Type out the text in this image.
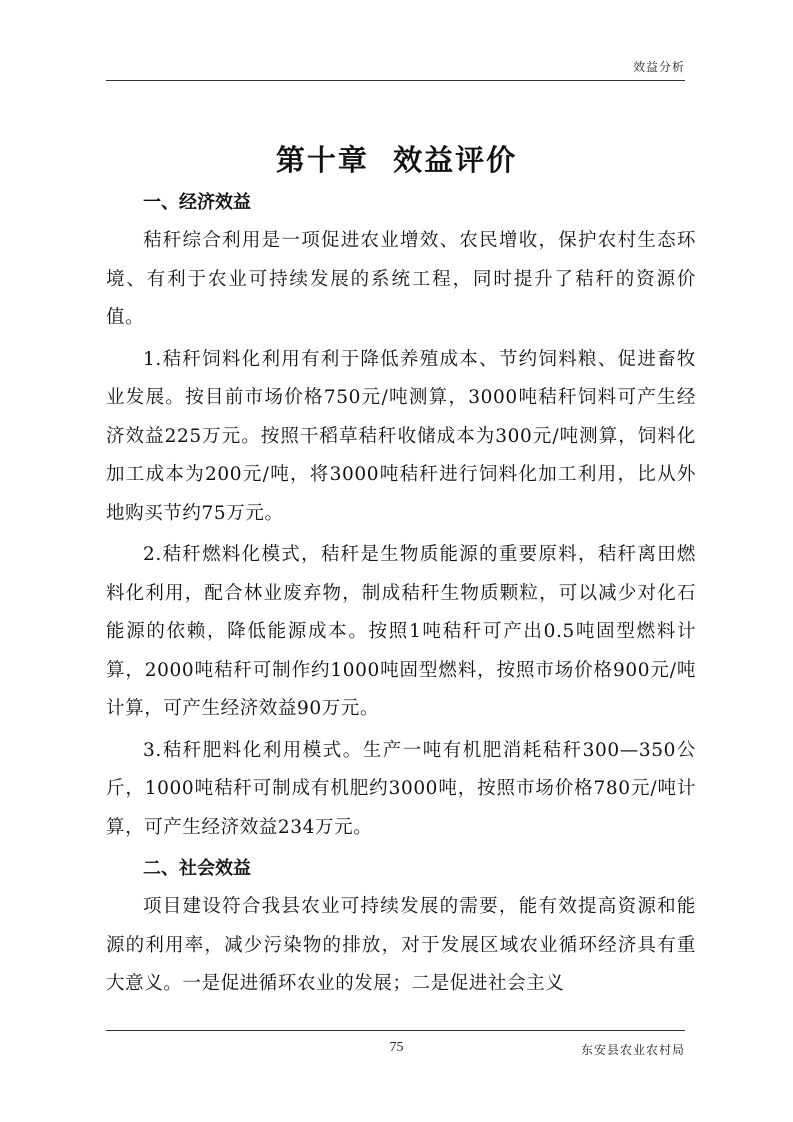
效益分析
第十章  效益评价
一、经济效益

秸秆综合利用是一项促进农业增效、农民增收，保护农村生态环境、有利于农业可持续发展的系统工程，同时提升了秸秆的资源价值。

1.秸秆饲料化利用有利于降低养殖成本、节约饲料粮、促进畜牧业发展。按目前市场价格750元/吨测算，3000吨秸秆饲料可产生经济效益225万元。按照干稻草秸秆收储成本为300元/吨测算，饲料化加工成本为200元/吨，将3000吨秸秆进行饲料化加工利用，比从外地购买节约75万元。

2.秸秆燃料化模式，秸秆是生物质能源的重要原料，秸秆离田燃料化利用，配合林业废弃物，制成秸秆生物质颗粒，可以减少对化石能源的依赖，降低能源成本。按照1吨秸秆可产出0.5吨固型燃料计算，2000吨秸秆可制作约1000吨固型燃料，按照市场价格900元/吨计算，可产生经济效益90万元。

3.秸秆肥料化利用模式。生产一吨有机肥消耗秸秆300—350公斤，1000吨秸秆可制成有机肥约3000吨，按照市场价格780元/吨计算，可产生经济效益234万元。

二、社会效益

项目建设符合我县农业可持续发展的需要，能有效提高资源和能源的利用率，减少污染物的排放，对于发展区域农业循环经济具有重大意义。一是促进循环农业的发展；二是促进社会主义

75	东安县农业农村局
